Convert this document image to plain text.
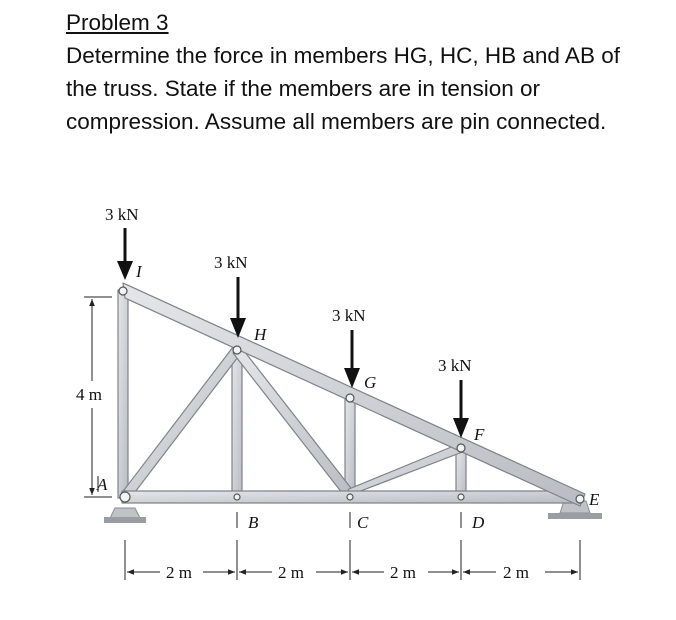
Problem 3
Determine the force in members HG, HC, HB and AB of the truss. State if the members are in tension or compression. Assume all members are pin connected.
3 kN
3 kN
3 kN
3 kN
I
H
G
F
E
A
B	C	D
4 m
2 m	2 m	2 m	2 m
